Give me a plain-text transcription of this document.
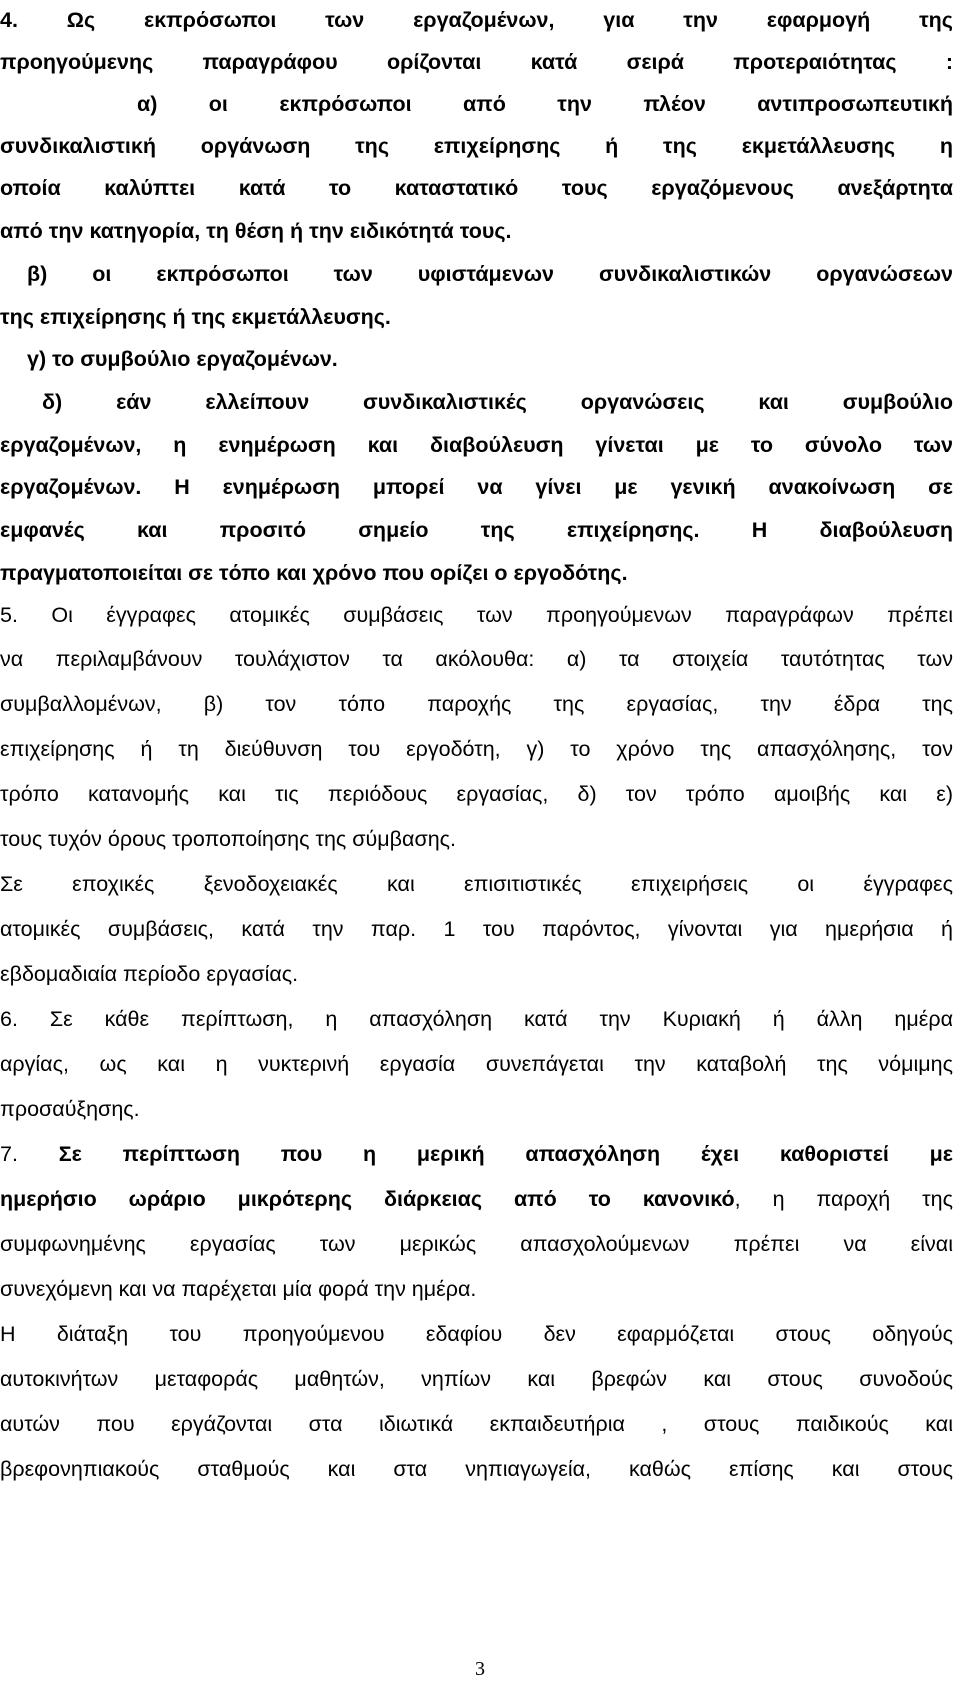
4. Ως εκπρόσωποι των εργαζομένων, για την εφαρμογή της
προηγούμενης παραγράφου ορίζονται κατά σειρά προτεραιότητας :
α) οι εκπρόσωποι από την πλέον αντιπροσωπευτική
συνδικαλιστική οργάνωση της επιχείρησης ή της εκμετάλλευσης η
οποία καλύπτει κατά το καταστατικό τους εργαζόμενους ανεξάρτητα
από την κατηγορία, τη θέση ή την ειδικότητά τους.
β) οι εκπρόσωποι των υφιστάμενων συνδικαλιστικών οργανώσεων
της επιχείρησης ή της εκμετάλλευσης.
γ) το συμβούλιο εργαζομένων.
δ) εάν ελλείπουν συνδικαλιστικές οργανώσεις και συμβούλιο
εργαζομένων, η ενημέρωση και διαβούλευση γίνεται με το σύνολο των
εργαζομένων. Η ενημέρωση μπορεί να γίνει με γενική ανακοίνωση σε
εμφανές και προσιτό σημείο της επιχείρησης. Η διαβούλευση
πραγματοποιείται σε τόπο και χρόνο που ορίζει ο εργοδότης.
5. Οι έγγραφες ατομικές συμβάσεις των προηγούμενων παραγράφων πρέπει
να περιλαμβάνουν τουλάχιστον τα ακόλουθα: α) τα στοιχεία ταυτότητας των
συμβαλλομένων, β) τον τόπο παροχής της εργασίας, την έδρα της
επιχείρησης ή τη διεύθυνση του εργοδότη, γ) το χρόνο της απασχόλησης, τον
τρόπο κατανομής και τις περιόδους εργασίας, δ) τον τρόπο αμοιβής και ε)
τους τυχόν όρους τροποποίησης της σύμβασης.
Σε εποχικές ξενοδοχειακές και επισιτιστικές επιχειρήσεις οι έγγραφες
ατομικές συμβάσεις, κατά την παρ. 1 του παρόντος, γίνονται για ημερήσια ή
εβδομαδιαία περίοδο εργασίας.
6. Σε κάθε περίπτωση, η απασχόληση κατά την Κυριακή ή άλλη ημέρα
αργίας, ως και η νυκτερινή εργασία συνεπάγεται την καταβολή της νόμιμης
προσαύξησης.
7. Σε περίπτωση που η μερική απασχόληση έχει καθοριστεί με
ημερήσιο ωράριο μικρότερης διάρκειας από το κανονικό, η παροχή της
συμφωνημένης εργασίας των μερικώς απασχολούμενων πρέπει να είναι
συνεχόμενη και να παρέχεται μία φορά την ημέρα.
Η διάταξη του προηγούμενου εδαφίου δεν εφαρμόζεται στους οδηγούς
αυτοκινήτων μεταφοράς μαθητών, νηπίων και βρεφών και στους συνοδούς
αυτών που εργάζονται στα ιδιωτικά εκπαιδευτήρια , στους παιδικούς και
βρεφονηπιακούς σταθμούς και στα νηπιαγωγεία, καθώς επίσης και στους
3
